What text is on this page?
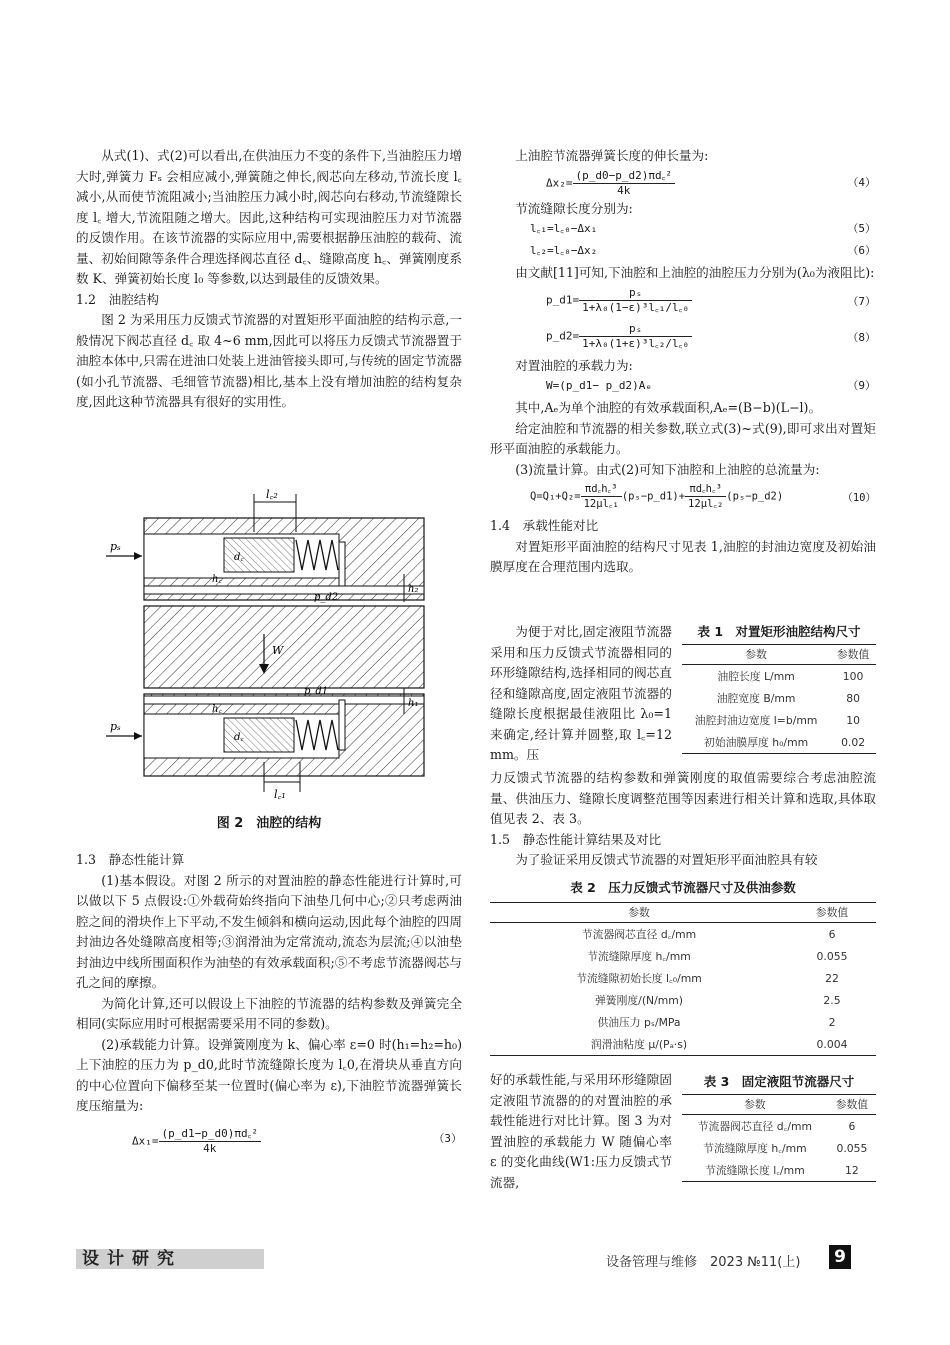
从式(1)、式(2)可以看出,在供油压力不变的条件下,当油腔压力增大时,弹簧力 Fₛ 会相应减小,弹簧随之伸长,阀芯向左移动,节流长度 l꜀ 减小,从而使节流阻减小;当油腔压力减小时,阀芯向右移动,节流缝隙长度 l꜀ 增大,节流阻随之增大。因此,这种结构可实现油腔压力对节流器的反馈作用。在该节流器的实际应用中,需要根据静压油腔的载荷、流量、初始间隙等条件合理选择阀芯直径 d꜀、缝隙高度 h꜀、弹簧刚度系数 K、弹簧初始长度 l₀ 等参数,以达到最佳的反馈效果。

1.2　油腔结构

图 2 为采用压力反馈式节流器的对置矩形平面油腔的结构示意,一般情况下阀芯直径 d꜀ 取 4~6 mm,因此可以将压力反馈式节流器置于油腔本体中,只需在进油口处装上进油管接头即可,与传统的固定节流器(如小孔节流器、毛细管节流器)相比,基本上没有增加油腔的结构复杂度,因此这种节流器具有很好的实用性。

pₛ
pₛ
l꜀₂
l꜀₁
p_d2
p_d1
W
h₂
h₁
h꜀
h꜀
d꜀
d꜀
图 2　油腔的结构

1.3　静态性能计算

(1)基本假设。对图 2 所示的对置油腔的静态性能进行计算时,可以做以下 5 点假设:①外载荷始终指向下油垫几何中心;②只考虑两油腔之间的滑块作上下平动,不发生倾斜和横向运动,因此每个油腔的四周封油边各处缝隙高度相等;③润滑油为定常流动,流态为层流;④以油垫封油边中线所围面积作为油垫的有效承载面积;⑤不考虑节流器阀芯与孔之间的摩擦。

为简化计算,还可以假设上下油腔的节流器的结构参数及弹簧完全相同(实际应用时可根据需要采用不同的参数)。

(2)承载能力计算。设弹簧刚度为 k、偏心率 ε=0 时(h₁=h₂=h₀)上下油腔的压力为 p_d0,此时节流缝隙长度为 l꜀0,在滑块从垂直方向的中心位置向下偏移至某一位置时(偏心率为 ε),下油腔节流器弹簧长度压缩量为:

$\Delta x_1= \frac{\text{(p\_d1−p\_d0)πd꜀²}}{4k}$	（3）

上油腔节流器弹簧长度的伸长量为:

$\Delta x_2= \frac{\text{(p\_d0−p\_d2)πd꜀²}}{4k}$	（4）

节流缝隙长度分别为:

l꜀₁=l꜀₀−Δx₁	（5）
l꜀₂=l꜀₀−Δx₂	（6）

由文献[11]可知,下油腔和上油腔的油腔压力分别为(λ₀为液阻比):

p_d1= $\frac{\text{pₛ}}{\text{1+λ₀(1−ε)³l꜀₁/l꜀₀}}$	（7）
p_d2= $\frac{\text{pₛ}}{\text{1+λ₀(1+ε)³l꜀₂/l꜀₀}}$	（8）

对置油腔的承载力为:

W=(p_d1− p_d2)Aₑ	（9）

其中,Aₑ为单个油腔的有效承载面积,Aₑ=(B−b)(L−l)。

给定油腔和节流器的相关参数,联立式(3)~式(9),即可求出对置矩形平面油腔的承载能力。

(3)流量计算。由式(2)可知下油腔和上油腔的总流量为:

$Q=Q_1+Q_2= \frac{\text{πd꜀h꜀³}}{\text{12μl꜀₁}}$ (pₛ−p_d1)+ $\frac{\text{πd꜀h꜀³}}{\text{12μl꜀₂}}$ (pₛ−p_d2)	（10）

1.4　承载性能对比

对置矩形平面油腔的结构尺寸见表 1,油腔的封油边宽度及初始油膜厚度在合理范围内选取。

为便于对比,固定液阻节流器采用和压力反馈式节流器相同的环形缝隙结构,选择相同的阀芯直径和缝隙高度,固定液阻节流器的缝隙长度根据最佳液阻比 λ₀=1 来确定,经计算并圆整,取 l꜀=12 mm。压

表 1　对置矩形油腔结构尺寸
参数	参数值
油腔长度 L/mm	100
油腔宽度 B/mm	80
油腔封油边宽度 l=b/mm	10
初始油膜厚度 h₀/mm	0.02

力反馈式节流器的结构参数和弹簧刚度的取值需要综合考虑油腔流量、供油压力、缝隙长度调整范围等因素进行相关计算和选取,具体取值见表 2、表 3。

1.5　静态性能计算结果及对比

为了验证采用反馈式节流器的对置矩形平面油腔具有较

表 2　压力反馈式节流器尺寸及供油参数
参数	参数值
节流器阀芯直径 d꜀/mm	6
节流缝隙厚度 h꜀/mm	0.055
节流缝隙初始长度 l꜀₀/mm	22
弹簧刚度/(N/mm)	2.5
供油压力 pₛ/MPa	2
润滑油粘度 μ/(Pₐ·s)	0.004

好的承载性能,与采用环形缝隙固定液阻节流器的的对置油腔的承载性能进行对比计算。图 3 为对置油腔的承载能力 W 随偏心率 ε 的变化曲线(W1:压力反馈式节流器,

表 3　固定液阻节流器尺寸
参数	参数值
节流器阀芯直径 d꜀/mm	6
节流缝隙厚度 h꜀/mm	0.055
节流缝隙长度 l꜀/mm	12
设计研究	设备管理与维修　2023 №11(上) 9
